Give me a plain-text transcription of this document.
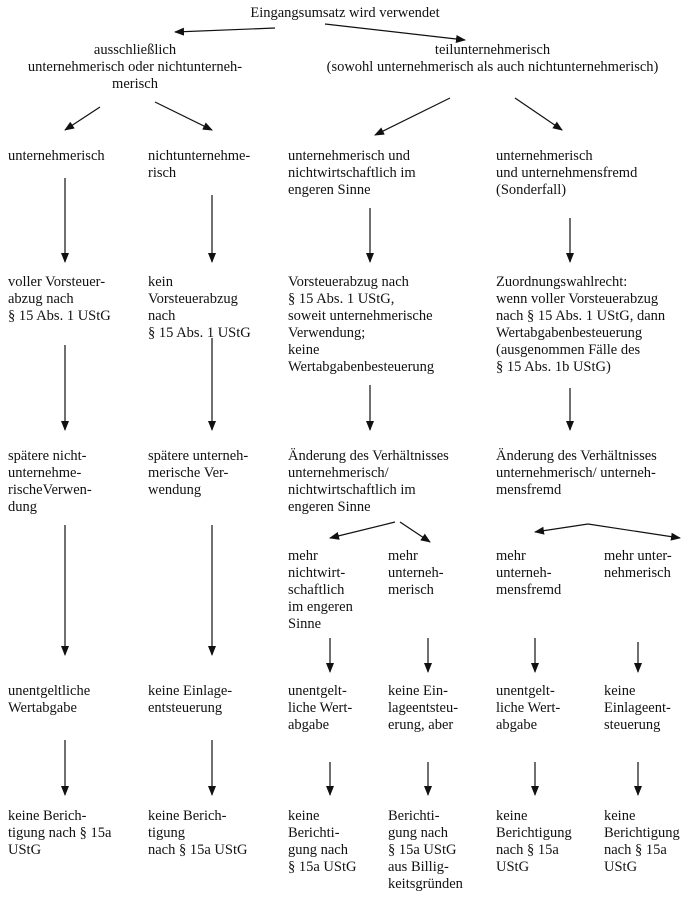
Eingangsumsatz wird verwendet
ausschließlich
unternehmerisch oder nichtunterneh-
merisch
teilunternehmerisch
(sowohl unternehmerisch als auch nichtunternehmerisch)
unternehmerisch	nichtunternehme-
risch
unternehmerisch und
nichtwirtschaftlich im
engeren Sinne
unternehmerisch
und unternehmensfremd
(Sonderfall)
voller Vorsteuer-
abzug nach
§ 15 Abs. 1 UStG
kein
Vorsteuerabzug
nach
§ 15 Abs. 1 UStG
Vorsteuerabzug nach
§ 15 Abs. 1 UStG,
soweit unternehmerische
Verwendung;
keine
Wertabgabenbesteuerung
Zuordnungswahlrecht:
wenn voller Vorsteuerabzug
nach § 15 Abs. 1 UStG, dann
Wertabgabenbesteuerung
(ausgenommen Fälle des
§ 15 Abs. 1b UStG)
spätere nicht-
unternehme-
rischeVerwen-
dung
spätere unterneh-
merische Ver-
wendung
Änderung des Verhältnisses
unternehmerisch/
nichtwirtschaftlich im
engeren Sinne
Änderung des Verhältnisses
unternehmerisch/ unterneh-
mensfremd
mehr
nichtwirt-
schaftlich
im engeren
Sinne
mehr
unterneh-
merisch
mehr
unterneh-
mensfremd
mehr unter-
nehmerisch
unentgeltliche
Wertabgabe
keine Einlage-
entsteuerung
unentgelt-
liche Wert-
abgabe
keine Ein-
lageentsteu-
erung, aber
unentgelt-
liche Wert-
abgabe
keine
Einlageent-
steuerung
keine Berich-
tigung nach § 15a
UStG
keine Berich-
tigung
nach § 15a UStG
keine
Berichti-
gung nach
§ 15a UStG
Berichti-
gung nach
§ 15a UStG
aus Billig-
keitsgründen
keine
Berichtigung
nach § 15a
UStG
keine
Berichtigung
nach § 15a
UStG
